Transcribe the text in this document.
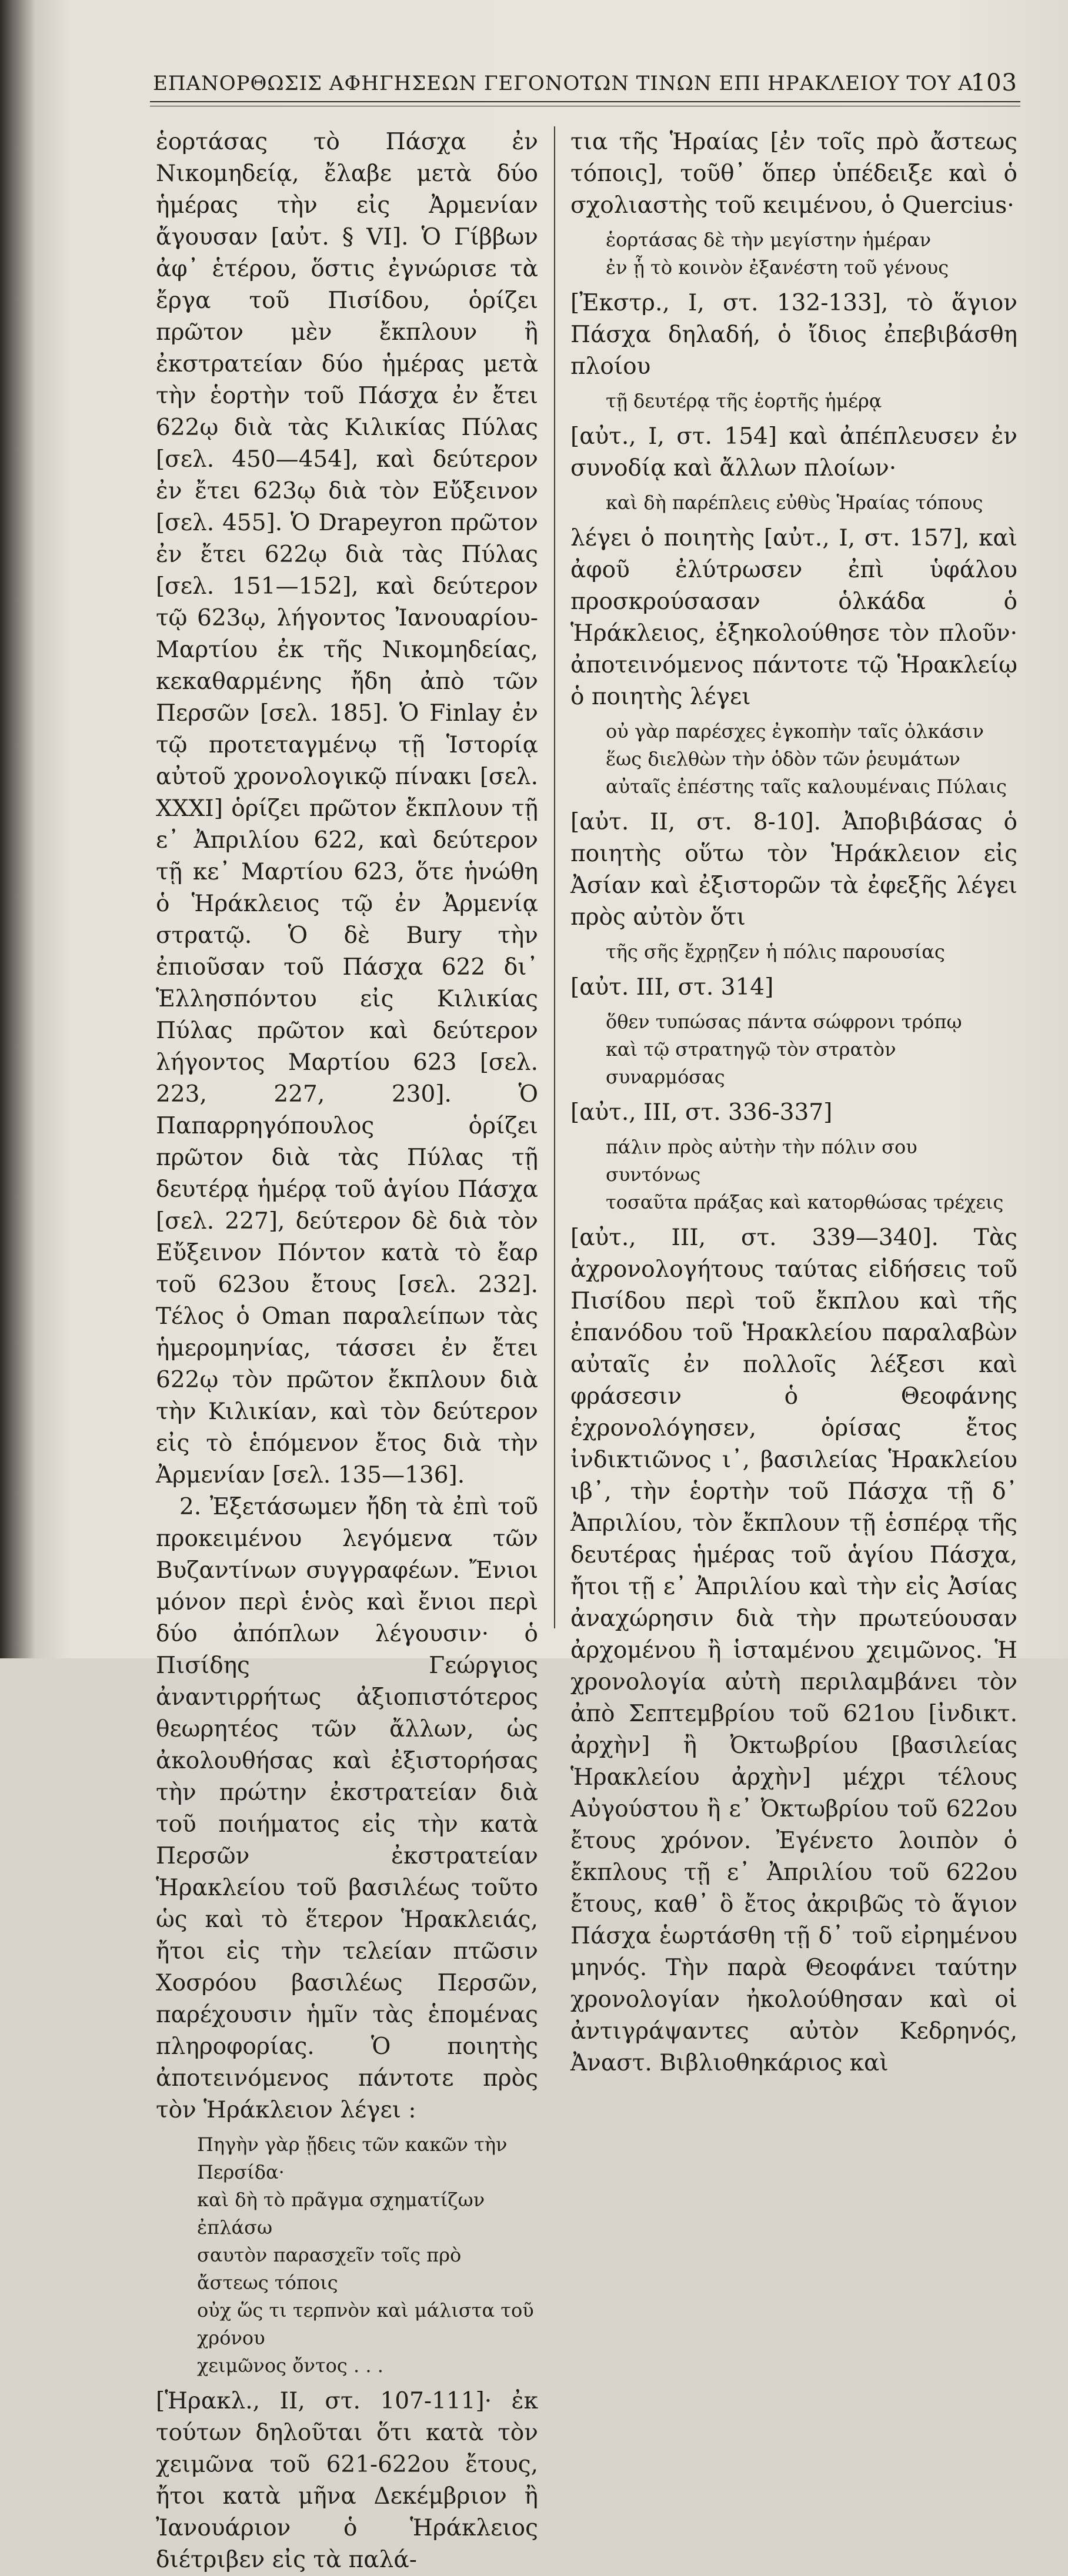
ΕΠΑΝΟΡΘΩΣΙΣ ΑΦΗΓΗΣΕΩΝ ΓΕΓΟΝΟΤΩΝ ΤΙΝΩΝ ΕΠΙ ΗΡΑΚΛΕΙΟΥ ΤΟΥ Α΄
103

ἑορτάσας τὸ Πάσχα ἐν Νικομηδείᾳ, ἔλαβε μετὰ δύο ἡμέρας τὴν εἰς Ἀρμενίαν ἄγουσαν [αὐτ. § VI]. Ὁ Γίββων ἀφ᾽ ἑτέρου, ὅστις ἐγνώρισε τὰ ἔργα τοῦ Πισίδου, ὁρίζει πρῶτον μὲν ἔκπλουν ἢ ἐκστρατείαν δύο ἡμέρας μετὰ τὴν ἑορτὴν τοῦ Πάσχα ἐν ἔτει 622ῳ διὰ τὰς Κιλικίας Πύλας [σελ. 450—454], καὶ δεύτερον ἐν ἔτει 623ῳ διὰ τὸν Εὔξεινον [σελ. 455]. Ὁ Drapeyron πρῶτον ἐν ἔτει 622ῳ διὰ τὰς Πύλας [σελ. 151—152], καὶ δεύτερον τῷ 623ῳ, λήγοντος Ἰανουαρίου-Μαρτίου ἐκ τῆς Νικομηδείας, κεκαθαρμένης ἤδη ἀπὸ τῶν Περσῶν [σελ. 185]. Ὁ Finlay ἐν τῷ προτεταγμένῳ τῇ Ἱστορίᾳ αὐτοῦ χρονολογικῷ πίνακι [σελ. XXXI] ὁρίζει πρῶτον ἔκπλουν τῇ ε᾽ Ἀπριλίου 622, καὶ δεύτερον τῇ κε᾽ Μαρτίου 623, ὅτε ἡνώθη ὁ Ἡράκλειος τῷ ἐν Ἀρμενίᾳ στρατῷ. Ὁ δὲ Bury τὴν ἐπιοῦσαν τοῦ Πάσχα 622 δι᾽ Ἑλλησπόντου εἰς Κιλικίας Πύλας πρῶτον καὶ δεύτερον λήγοντος Μαρτίου 623 [σελ. 223, 227, 230]. Ὁ Παπαρρηγόπουλος ὁρίζει πρῶτον διὰ τὰς Πύλας τῇ δευτέρᾳ ἡμέρᾳ τοῦ ἁγίου Πάσχα [σελ. 227], δεύτερον δὲ διὰ τὸν Εὔξεινον Πόντον κατὰ τὸ ἔαρ τοῦ 623ου ἔτους [σελ. 232]. Τέλος ὁ Oman παραλείπων τὰς ἡμερομηνίας, τάσσει ἐν ἔτει 622ῳ τὸν πρῶτον ἔκπλουν διὰ τὴν Κιλικίαν, καὶ τὸν δεύτερον εἰς τὸ ἑπόμενον ἔτος διὰ τὴν Ἀρμενίαν [σελ. 135—136].

2. Ἐξετάσωμεν ἤδη τὰ ἐπὶ τοῦ προκειμένου λεγόμενα τῶν Βυζαντίνων συγγραφέων. Ἔνιοι μόνον περὶ ἑνὸς καὶ ἔνιοι περὶ δύο ἀπόπλων λέγουσιν· ὁ Πισίδης Γεώργιος ἀναντιρρήτως ἀξιοπιστότερος θεωρητέος τῶν ἄλλων, ὡς ἀκολουθήσας καὶ ἐξιστορήσας τὴν πρώτην ἐκστρατείαν διὰ τοῦ ποιήματος εἰς τὴν κατὰ Περσῶν ἐκστρατείαν Ἡρακλείου τοῦ βασιλέως τοῦτο ὡς καὶ τὸ ἕτερον Ἡρακλειάς, ἤτοι εἰς τὴν τελείαν πτῶσιν Χοσρόου βασιλέως Περσῶν, παρέχουσιν ἡμῖν τὰς ἑπομένας πληροφορίας. Ὁ ποιητὴς ἀποτεινόμενος πάντοτε πρὸς τὸν Ἡράκλειον λέγει :

Πηγὴν γὰρ ᾔδεις τῶν κακῶν τὴν Περσίδα·
καὶ δὴ τὸ πρᾶγμα σχηματίζων ἐπλάσω
σαυτὸν παρασχεῖν τοῖς πρὸ ἄστεως τόποις
οὐχ ὥς τι τερπνὸν καὶ μάλιστα τοῦ χρόνου
χειμῶνος ὄντος . . .

[Ἡρακλ., II, στ. 107-111]· ἐκ τούτων δηλοῦται ὅτι κατὰ τὸν χειμῶνα τοῦ 621-622ου ἔτους, ἤτοι κατὰ μῆνα Δεκέμβριον ἢ Ἰανουάριον ὁ Ἡράκλειος διέτριβεν εἰς τὰ παλά-

τια τῆς Ἡραίας [ἐν τοῖς πρὸ ἄστεως τόποις], τοῦθ᾽ ὅπερ ὑπέδειξε καὶ ὁ σχολιαστὴς τοῦ κειμένου, ὁ Quercius·

ἑορτάσας δὲ τὴν μεγίστην ἡμέραν
ἐν ᾗ τὸ κοινὸν ἐξανέστη τοῦ γένους

[Ἐκστρ., I, στ. 132-133], τὸ ἅγιον Πάσχα δηλαδή, ὁ ἴδιος ἐπεβιβάσθη πλοίου

τῇ δευτέρᾳ τῆς ἑορτῆς ἡμέρᾳ

[αὐτ., I, στ. 154] καὶ ἀπέπλευσεν ἐν συνοδίᾳ καὶ ἄλλων πλοίων·

καὶ δὴ παρέπλεις εὐθὺς Ἡραίας τόπους

λέγει ὁ ποιητὴς [αὐτ., I, στ. 157], καὶ ἀφοῦ ἐλύτρωσεν ἐπὶ ὑφάλου προσκρούσασαν ὁλκάδα ὁ Ἡράκλειος, ἐξηκολούθησε τὸν πλοῦν· ἀποτεινόμενος πάντοτε τῷ Ἡρακλείῳ ὁ ποιητὴς λέγει

οὐ γὰρ παρέσχες ἐγκοπὴν ταῖς ὁλκάσιν
ἕως διελθὼν τὴν ὁδὸν τῶν ῥευμάτων
αὐταῖς ἐπέστης ταῖς καλουμέναις Πύλαις

[αὐτ. II, στ. 8-10]. Ἀποβιβάσας ὁ ποιητὴς οὕτω τὸν Ἡράκλειον εἰς Ἀσίαν καὶ ἐξιστορῶν τὰ ἐφεξῆς λέγει πρὸς αὐτὸν ὅτι

τῆς σῆς ἔχρῃζεν ἡ πόλις παρουσίας

[αὐτ. III, στ. 314]

ὅθεν τυπώσας πάντα σώφρονι τρόπῳ
καὶ τῷ στρατηγῷ τὸν στρατὸν συναρμόσας

[αὐτ., III, στ. 336-337]

πάλιν πρὸς αὐτὴν τὴν πόλιν σου συντόνως
τοσαῦτα πράξας καὶ κατορθώσας τρέχεις

[αὐτ., III, στ. 339—340]. Τὰς ἀχρονολογήτους ταύτας εἰδήσεις τοῦ Πισίδου περὶ τοῦ ἔκπλου καὶ τῆς ἐπανόδου τοῦ Ἡρακλείου παραλαβὼν αὐταῖς ἐν πολλοῖς λέξεσι καὶ φράσεσιν ὁ Θεοφάνης ἐχρονολόγησεν, ὁρίσας ἔτος ἰνδικτιῶνος ι᾽, βασιλείας Ἡρακλείου ιβ᾽, τὴν ἑορτὴν τοῦ Πάσχα τῇ δ᾽ Ἀπριλίου, τὸν ἔκπλουν τῇ ἑσπέρᾳ τῆς δευτέρας ἡμέρας τοῦ ἁγίου Πάσχα, ἤτοι τῇ ε᾽ Ἀπριλίου καὶ τὴν εἰς Ἀσίας ἀναχώρησιν διὰ τὴν πρωτεύουσαν ἀρχομένου ἢ ἱσταμένου χειμῶνος. Ἡ χρονολογία αὐτὴ περιλαμβάνει τὸν ἀπὸ Σεπτεμβρίου τοῦ 621ου [ἰνδικτ. ἀρχὴν] ἢ Ὀκτωβρίου [βασιλείας Ἡρακλείου ἀρχὴν] μέχρι τέλους Αὐγούστου ἢ ε᾽ Ὀκτωβρίου τοῦ 622ου ἔτους χρόνον. Ἐγένετο λοιπὸν ὁ ἔκπλους τῇ ε᾽ Ἀπριλίου τοῦ 622ου ἔτους, καθ᾽ ὃ ἔτος ἀκριβῶς τὸ ἅγιον Πάσχα ἑωρτάσθη τῇ δ᾽ τοῦ εἰρημένου μηνός. Τὴν παρὰ Θεοφάνει ταύτην χρονολογίαν ἠκολούθησαν καὶ οἱ ἀντιγράψαντες αὐτὸν Κεδρηνός, Ἀναστ. Βιβλιοθηκάριος καὶ
